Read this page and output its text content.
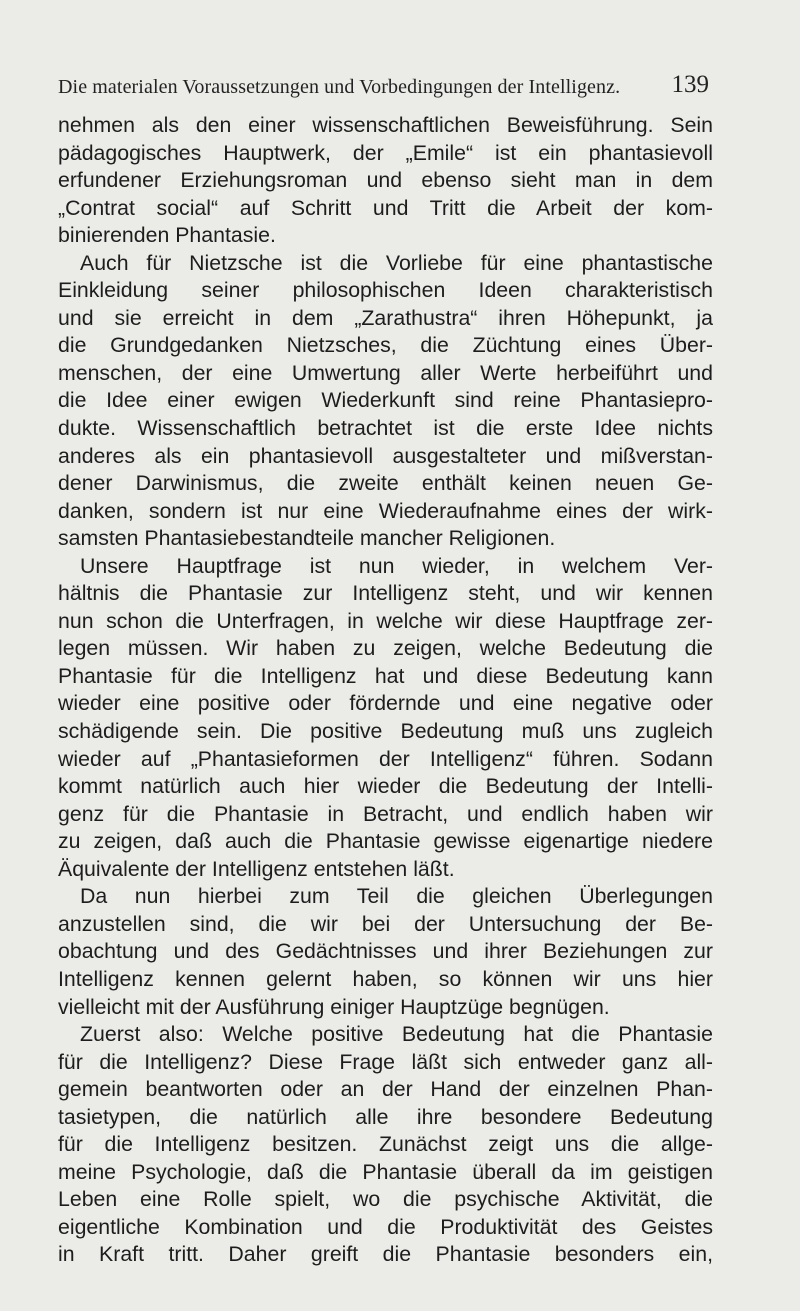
Die materialen Voraussetzungen und Vorbedingungen der Intelligenz.	139
nehmen als den einer wissenschaftlichen Beweisführung. Sein
pädagogisches Hauptwerk, der „Emile“ ist ein phantasievoll
erfundener Erziehungsroman und ebenso sieht man in dem
„Contrat social“ auf Schritt und Tritt die Arbeit der kom-
binierenden Phantasie.
Auch für Nietzsche ist die Vorliebe für eine phantastische
Einkleidung seiner philosophischen Ideen charakteristisch
und sie erreicht in dem „Zarathustra“ ihren Höhepunkt, ja
die Grundgedanken Nietzsches, die Züchtung eines Über-
menschen, der eine Umwertung aller Werte herbeiführt und
die Idee einer ewigen Wiederkunft sind reine Phantasiepro-
dukte. Wissenschaftlich betrachtet ist die erste Idee nichts
anderes als ein phantasievoll ausgestalteter und mißverstan-
dener Darwinismus, die zweite enthält keinen neuen Ge-
danken, sondern ist nur eine Wiederaufnahme eines der wirk-
samsten Phantasiebestandteile mancher Religionen.
Unsere Hauptfrage ist nun wieder, in welchem Ver-
hältnis die Phantasie zur Intelligenz steht, und wir kennen
nun schon die Unterfragen, in welche wir diese Hauptfrage zer-
legen müssen. Wir haben zu zeigen, welche Bedeutung die
Phantasie für die Intelligenz hat und diese Bedeutung kann
wieder eine positive oder fördernde und eine negative oder
schädigende sein. Die positive Bedeutung muß uns zugleich
wieder auf „Phantasieformen der Intelligenz“ führen. Sodann
kommt natürlich auch hier wieder die Bedeutung der Intelli-
genz für die Phantasie in Betracht, und endlich haben wir
zu zeigen, daß auch die Phantasie gewisse eigenartige niedere
Äquivalente der Intelligenz entstehen läßt.
Da nun hierbei zum Teil die gleichen Überlegungen
anzustellen sind, die wir bei der Untersuchung der Be-
obachtung und des Gedächtnisses und ihrer Beziehungen zur
Intelligenz kennen gelernt haben, so können wir uns hier
vielleicht mit der Ausführung einiger Hauptzüge begnügen.
Zuerst also: Welche positive Bedeutung hat die Phantasie
für die Intelligenz? Diese Frage läßt sich entweder ganz all-
gemein beantworten oder an der Hand der einzelnen Phan-
tasietypen, die natürlich alle ihre besondere Bedeutung
für die Intelligenz besitzen. Zunächst zeigt uns die allge-
meine Psychologie, daß die Phantasie überall da im geistigen
Leben eine Rolle spielt, wo die psychische Aktivität, die
eigentliche Kombination und die Produktivität des Geistes
in Kraft tritt. Daher greift die Phantasie besonders ein,
